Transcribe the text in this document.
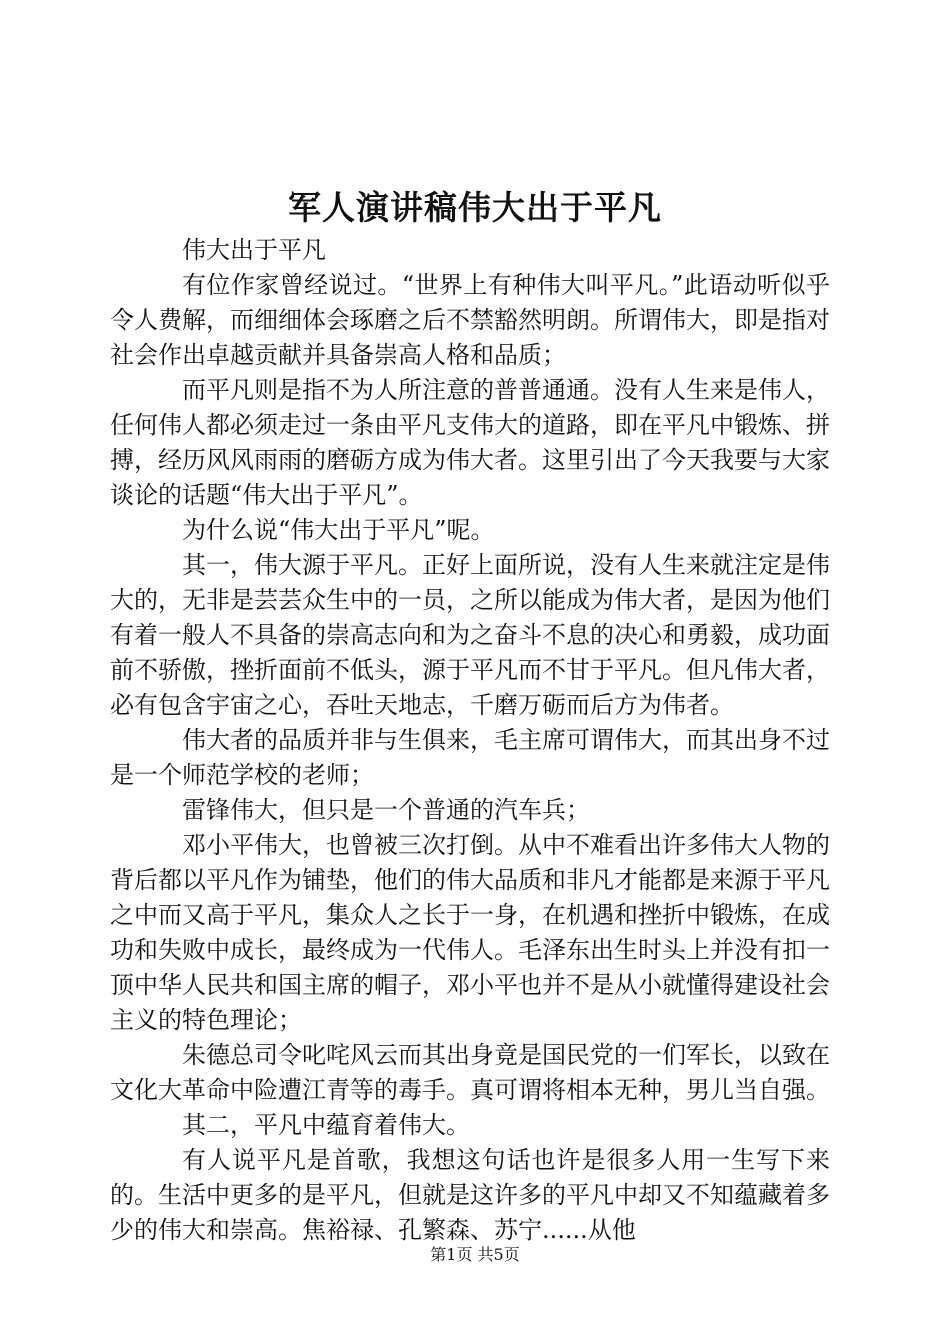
军人演讲稿伟大出于平凡

伟大出于平凡

有位作家曾经说过。“世界上有种伟大叫平凡。”此语动听似乎令人费解，而细细体会琢磨之后不禁豁然明朗。所谓伟大，即是指对社会作出卓越贡献并具备崇高人格和品质；

而平凡则是指不为人所注意的普普通通。没有人生来是伟人，任何伟人都必须走过一条由平凡支伟大的道路，即在平凡中锻炼、拼搏，经历风风雨雨的磨砺方成为伟大者。这里引出了今天我要与大家谈论的话题“伟大出于平凡”。

为什么说“伟大出于平凡”呢。

其一，伟大源于平凡。正好上面所说，没有人生来就注定是伟大的，无非是芸芸众生中的一员，之所以能成为伟大者，是因为他们有着一般人不具备的崇高志向和为之奋斗不息的决心和勇毅，成功面前不骄傲，挫折面前不低头，源于平凡而不甘于平凡。但凡伟大者，必有包含宇宙之心，吞吐天地志，千磨万砺而后方为伟者。

伟大者的品质并非与生俱来，毛主席可谓伟大，而其出身不过是一个师范学校的老师；

雷锋伟大，但只是一个普通的汽车兵；

邓小平伟大，也曾被三次打倒。从中不难看出许多伟大人物的背后都以平凡作为铺垫，他们的伟大品质和非凡才能都是来源于平凡之中而又高于平凡，集众人之长于一身，在机遇和挫折中锻炼，在成功和失败中成长，最终成为一代伟人。毛泽东出生时头上并没有扣一顶中华人民共和国主席的帽子，邓小平也并不是从小就懂得建设社会主义的特色理论；

朱德总司令叱咤风云而其出身竟是国民党的一们军长，以致在文化大革命中险遭江青等的毒手。真可谓将相本无种，男儿当自强。

其二，平凡中蕴育着伟大。

有人说平凡是首歌，我想这句话也许是很多人用一生写下来的。生活中更多的是平凡，但就是这许多的平凡中却又不知蕴藏着多少的伟大和崇高。焦裕禄、孔繁森、苏宁......从他

第1页 共5页
